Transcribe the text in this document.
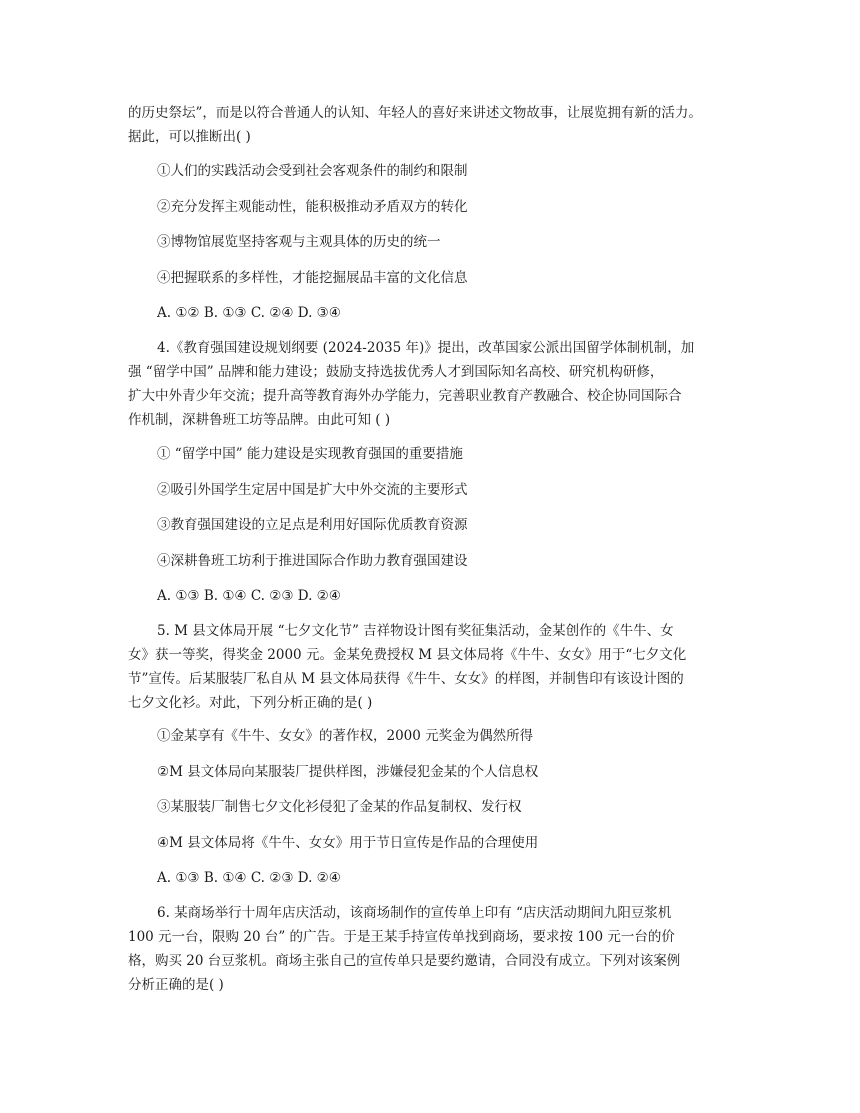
的历史祭坛”，而是以符合普通人的认知、年轻人的喜好来讲述文物故事，让展览拥有新的活力。
据此，可以推断出( )
①人们的实践活动会受到社会客观条件的制约和限制
②充分发挥主观能动性，能积极推动矛盾双方的转化
③博物馆展览坚持客观与主观具体的历史的统一
④把握联系的多样性，才能挖掘展品丰富的文化信息
A. ①② B. ①③ C. ②④ D. ③④
4.《教育强国建设规划纲要 (2024-2035 年)》提出，改革国家公派出国留学体制机制，加
强 “留学中国” 品牌和能力建设；鼓励支持选拔优秀人才到国际知名高校、研究机构研修，
扩大中外青少年交流；提升高等教育海外办学能力，完善职业教育产教融合、校企协同国际合
作机制，深耕鲁班工坊等品牌。由此可知 ( )
① “留学中国” 能力建设是实现教育强国的重要措施
②吸引外国学生定居中国是扩大中外交流的主要形式
③教育强国建设的立足点是利用好国际优质教育资源
④深耕鲁班工坊利于推进国际合作助力教育强国建设
A. ①③ B. ①④ C. ②③ D. ②④
5. M 县文体局开展 “七夕文化节” 吉祥物设计图有奖征集活动，金某创作的《牛牛、女
女》获一等奖，得奖金 2000 元。金某免费授权 M 县文体局将《牛牛、女女》用于“七夕文化
节”宣传。后某服装厂私自从 M 县文体局获得《牛牛、女女》的样图，并制售印有该设计图的
七夕文化衫。对此，下列分析正确的是( )
①金某享有《牛牛、女女》的著作权，2000 元奖金为偶然所得
②M 县文体局向某服装厂提供样图，涉嫌侵犯金某的个人信息权
③某服装厂制售七夕文化衫侵犯了金某的作品复制权、发行权
④M 县文体局将《牛牛、女女》用于节日宣传是作品的合理使用
A. ①③ B. ①④ C. ②③ D. ②④
6. 某商场举行十周年店庆活动，该商场制作的宣传单上印有 “店庆活动期间九阳豆浆机
100 元一台，限购 20 台” 的广告。于是王某手持宣传单找到商场，要求按 100 元一台的价
格，购买 20 台豆浆机。商场主张自己的宣传单只是要约邀请，合同没有成立。下列对该案例
分析正确的是( )
